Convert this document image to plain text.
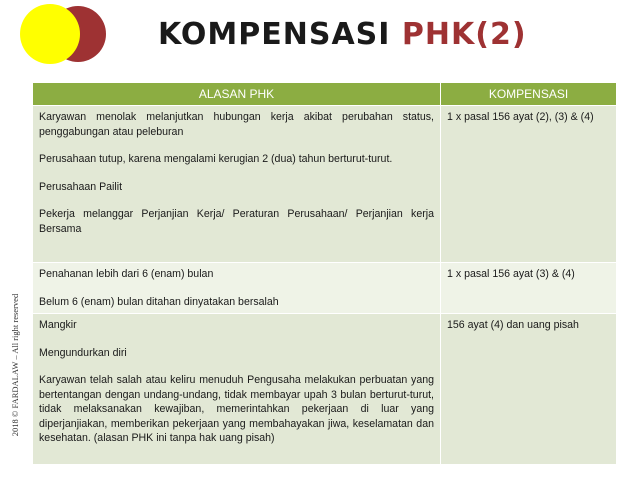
KOMPENSASI PHK(2)
2018 © FARDALAW – All right reserved
ALASAN PHK	KOMPENSASI

Karyawan menolak melanjutkan hubungan kerja akibat perubahan status, penggabungan atau peleburan

Perusahaan tutup, karena mengalami kerugian 2 (dua) tahun berturut-turut.

Perusahaan Pailit

Pekerja melanggar Perjanjian Kerja/ Peraturan Perusahaan/ Perjanjian kerja Bersama	1 x pasal 156 ayat (2), (3) & (4)

Penahanan lebih dari 6 (enam) bulan

Belum 6 (enam) bulan ditahan dinyatakan bersalah	1 x pasal 156 ayat (3) & (4)

Mangkir

Mengundurkan diri

Karyawan telah salah atau keliru menuduh Pengusaha melakukan perbuatan yang bertentangan dengan undang-undang, tidak membayar upah 3 bulan berturut-turut, tidak melaksanakan kewajiban, memerintahkan pekerjaan di luar yang diperjanjiakan, memberikan pekerjaan yang membahayakan jiwa, keselamatan dan kesehatan. (alasan PHK ini tanpa hak uang pisah)	156 ayat (4) dan uang pisah
